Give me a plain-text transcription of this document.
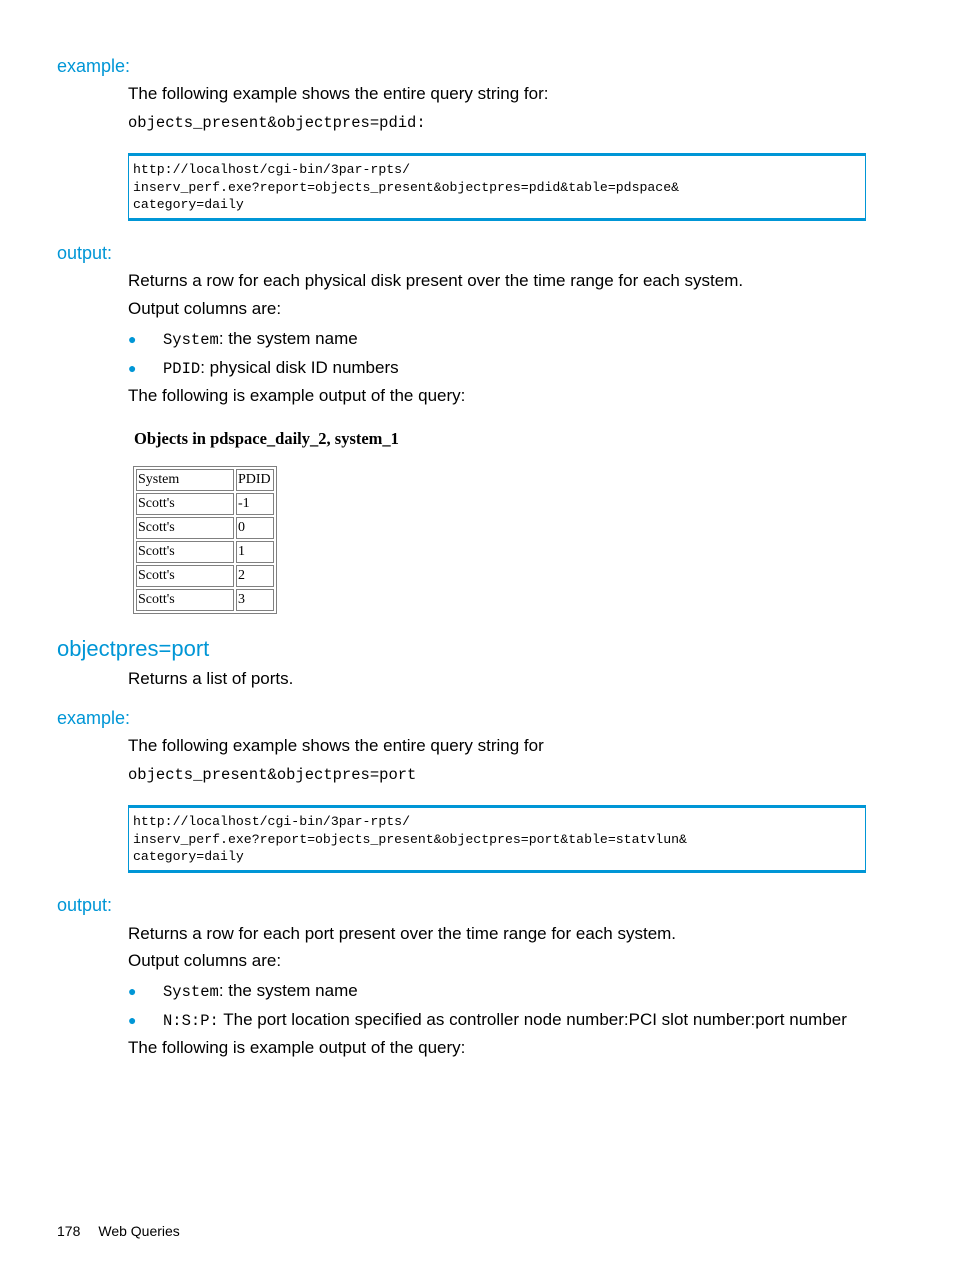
example:
The following example shows the entire query string for:
objects_present&objectpres=pdid:
http://localhost/cgi-bin/3par-rpts/
inserv_perf.exe?report=objects_present&objectpres=pdid&table=pdspace&
category=daily
output:
Returns a row for each physical disk present over the time range for each system.
Output columns are:
● System: the system name
● PDID: physical disk ID numbers
The following is example output of the query:
Objects in pdspace_daily_2, system_1
System	PDID
Scott's	-1
Scott's	0
Scott's	1
Scott's	2
Scott's	3
objectpres=port
Returns a list of ports.
example:
The following example shows the entire query string for
objects_present&objectpres=port
http://localhost/cgi-bin/3par-rpts/
inserv_perf.exe?report=objects_present&objectpres=port&table=statvlun&
category=daily
output:
Returns a row for each port present over the time range for each system.
Output columns are:
● System: the system name
● N:S:P: The port location specified as controller node number:PCI slot number:port number
The following is example output of the query:
178 Web Queries
